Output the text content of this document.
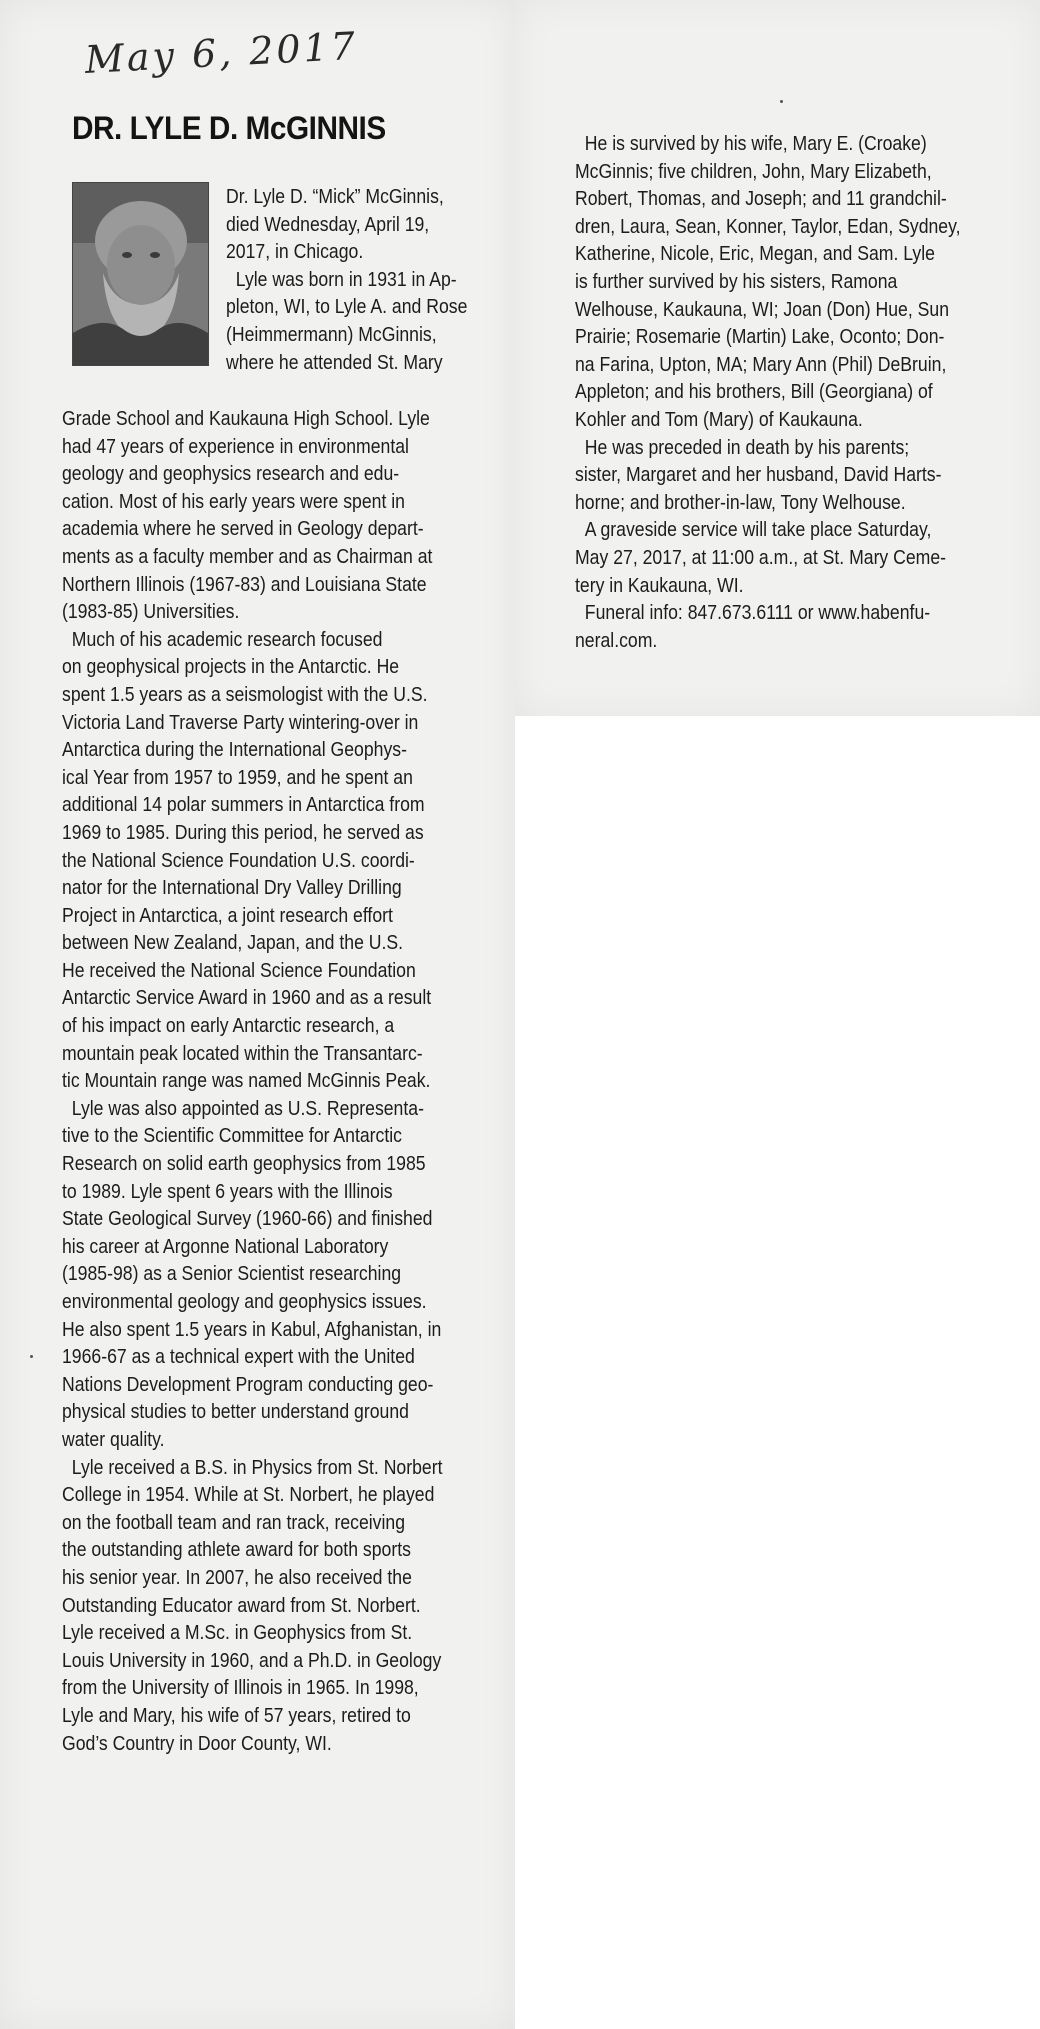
May 6, 2017
DR. LYLE D. McGINNIS
Dr. Lyle D. “Mick” McGinnis,
died Wednesday, April 19,
2017, in Chicago.
Lyle was born in 1931 in Ap-
pleton, WI, to Lyle A. and Rose
(Heimmermann) McGinnis,
where he attended St. Mary
Grade School and Kaukauna High School. Lyle
had 47 years of experience in environmental
geology and geophysics research and edu-
cation. Most of his early years were spent in
academia where he served in Geology depart-
ments as a faculty member and as Chairman at
Northern Illinois (1967-83) and Louisiana State
(1983-85) Universities.
Much of his academic research focused
on geophysical projects in the Antarctic. He
spent 1.5 years as a seismologist with the U.S.
Victoria Land Traverse Party wintering-over in
Antarctica during the International Geophys-
ical Year from 1957 to 1959, and he spent an
additional 14 polar summers in Antarctica from
1969 to 1985. During this period, he served as
the National Science Foundation U.S. coordi-
nator for the International Dry Valley Drilling
Project in Antarctica, a joint research effort
between New Zealand, Japan, and the U.S.
He received the National Science Foundation
Antarctic Service Award in 1960 and as a result
of his impact on early Antarctic research, a
mountain peak located within the Transantarc-
tic Mountain range was named McGinnis Peak.
Lyle was also appointed as U.S. Representa-
tive to the Scientific Committee for Antarctic
Research on solid earth geophysics from 1985
to 1989. Lyle spent 6 years with the Illinois
State Geological Survey (1960-66) and finished
his career at Argonne National Laboratory
(1985-98) as a Senior Scientist researching
environmental geology and geophysics issues.
He also spent 1.5 years in Kabul, Afghanistan, in
1966-67 as a technical expert with the United
Nations Development Program conducting geo-
physical studies to better understand ground
water quality.
Lyle received a B.S. in Physics from St. Norbert
College in 1954. While at St. Norbert, he played
on the football team and ran track, receiving
the outstanding athlete award for both sports
his senior year. In 2007, he also received the
Outstanding Educator award from St. Norbert.
Lyle received a M.Sc. in Geophysics from St.
Louis University in 1960, and a Ph.D. in Geology
from the University of Illinois in 1965. In 1998,
Lyle and Mary, his wife of 57 years, retired to
God’s Country in Door County, WI.
He is survived by his wife, Mary E. (Croake)
McGinnis; five children, John, Mary Elizabeth,
Robert, Thomas, and Joseph; and 11 grandchil-
dren, Laura, Sean, Konner, Taylor, Edan, Sydney,
Katherine, Nicole, Eric, Megan, and Sam. Lyle
is further survived by his sisters, Ramona
Welhouse, Kaukauna, WI; Joan (Don) Hue, Sun
Prairie; Rosemarie (Martin) Lake, Oconto; Don-
na Farina, Upton, MA; Mary Ann (Phil) DeBruin,
Appleton; and his brothers, Bill (Georgiana) of
Kohler and Tom (Mary) of Kaukauna.
He was preceded in death by his parents;
sister, Margaret and her husband, David Harts-
horne; and brother-in-law, Tony Welhouse.
A graveside service will take place Saturday,
May 27, 2017, at 11:00 a.m., at St. Mary Ceme-
tery in Kaukauna, WI.
Funeral info: 847.673.6111 or www.habenfu-
neral.com.
